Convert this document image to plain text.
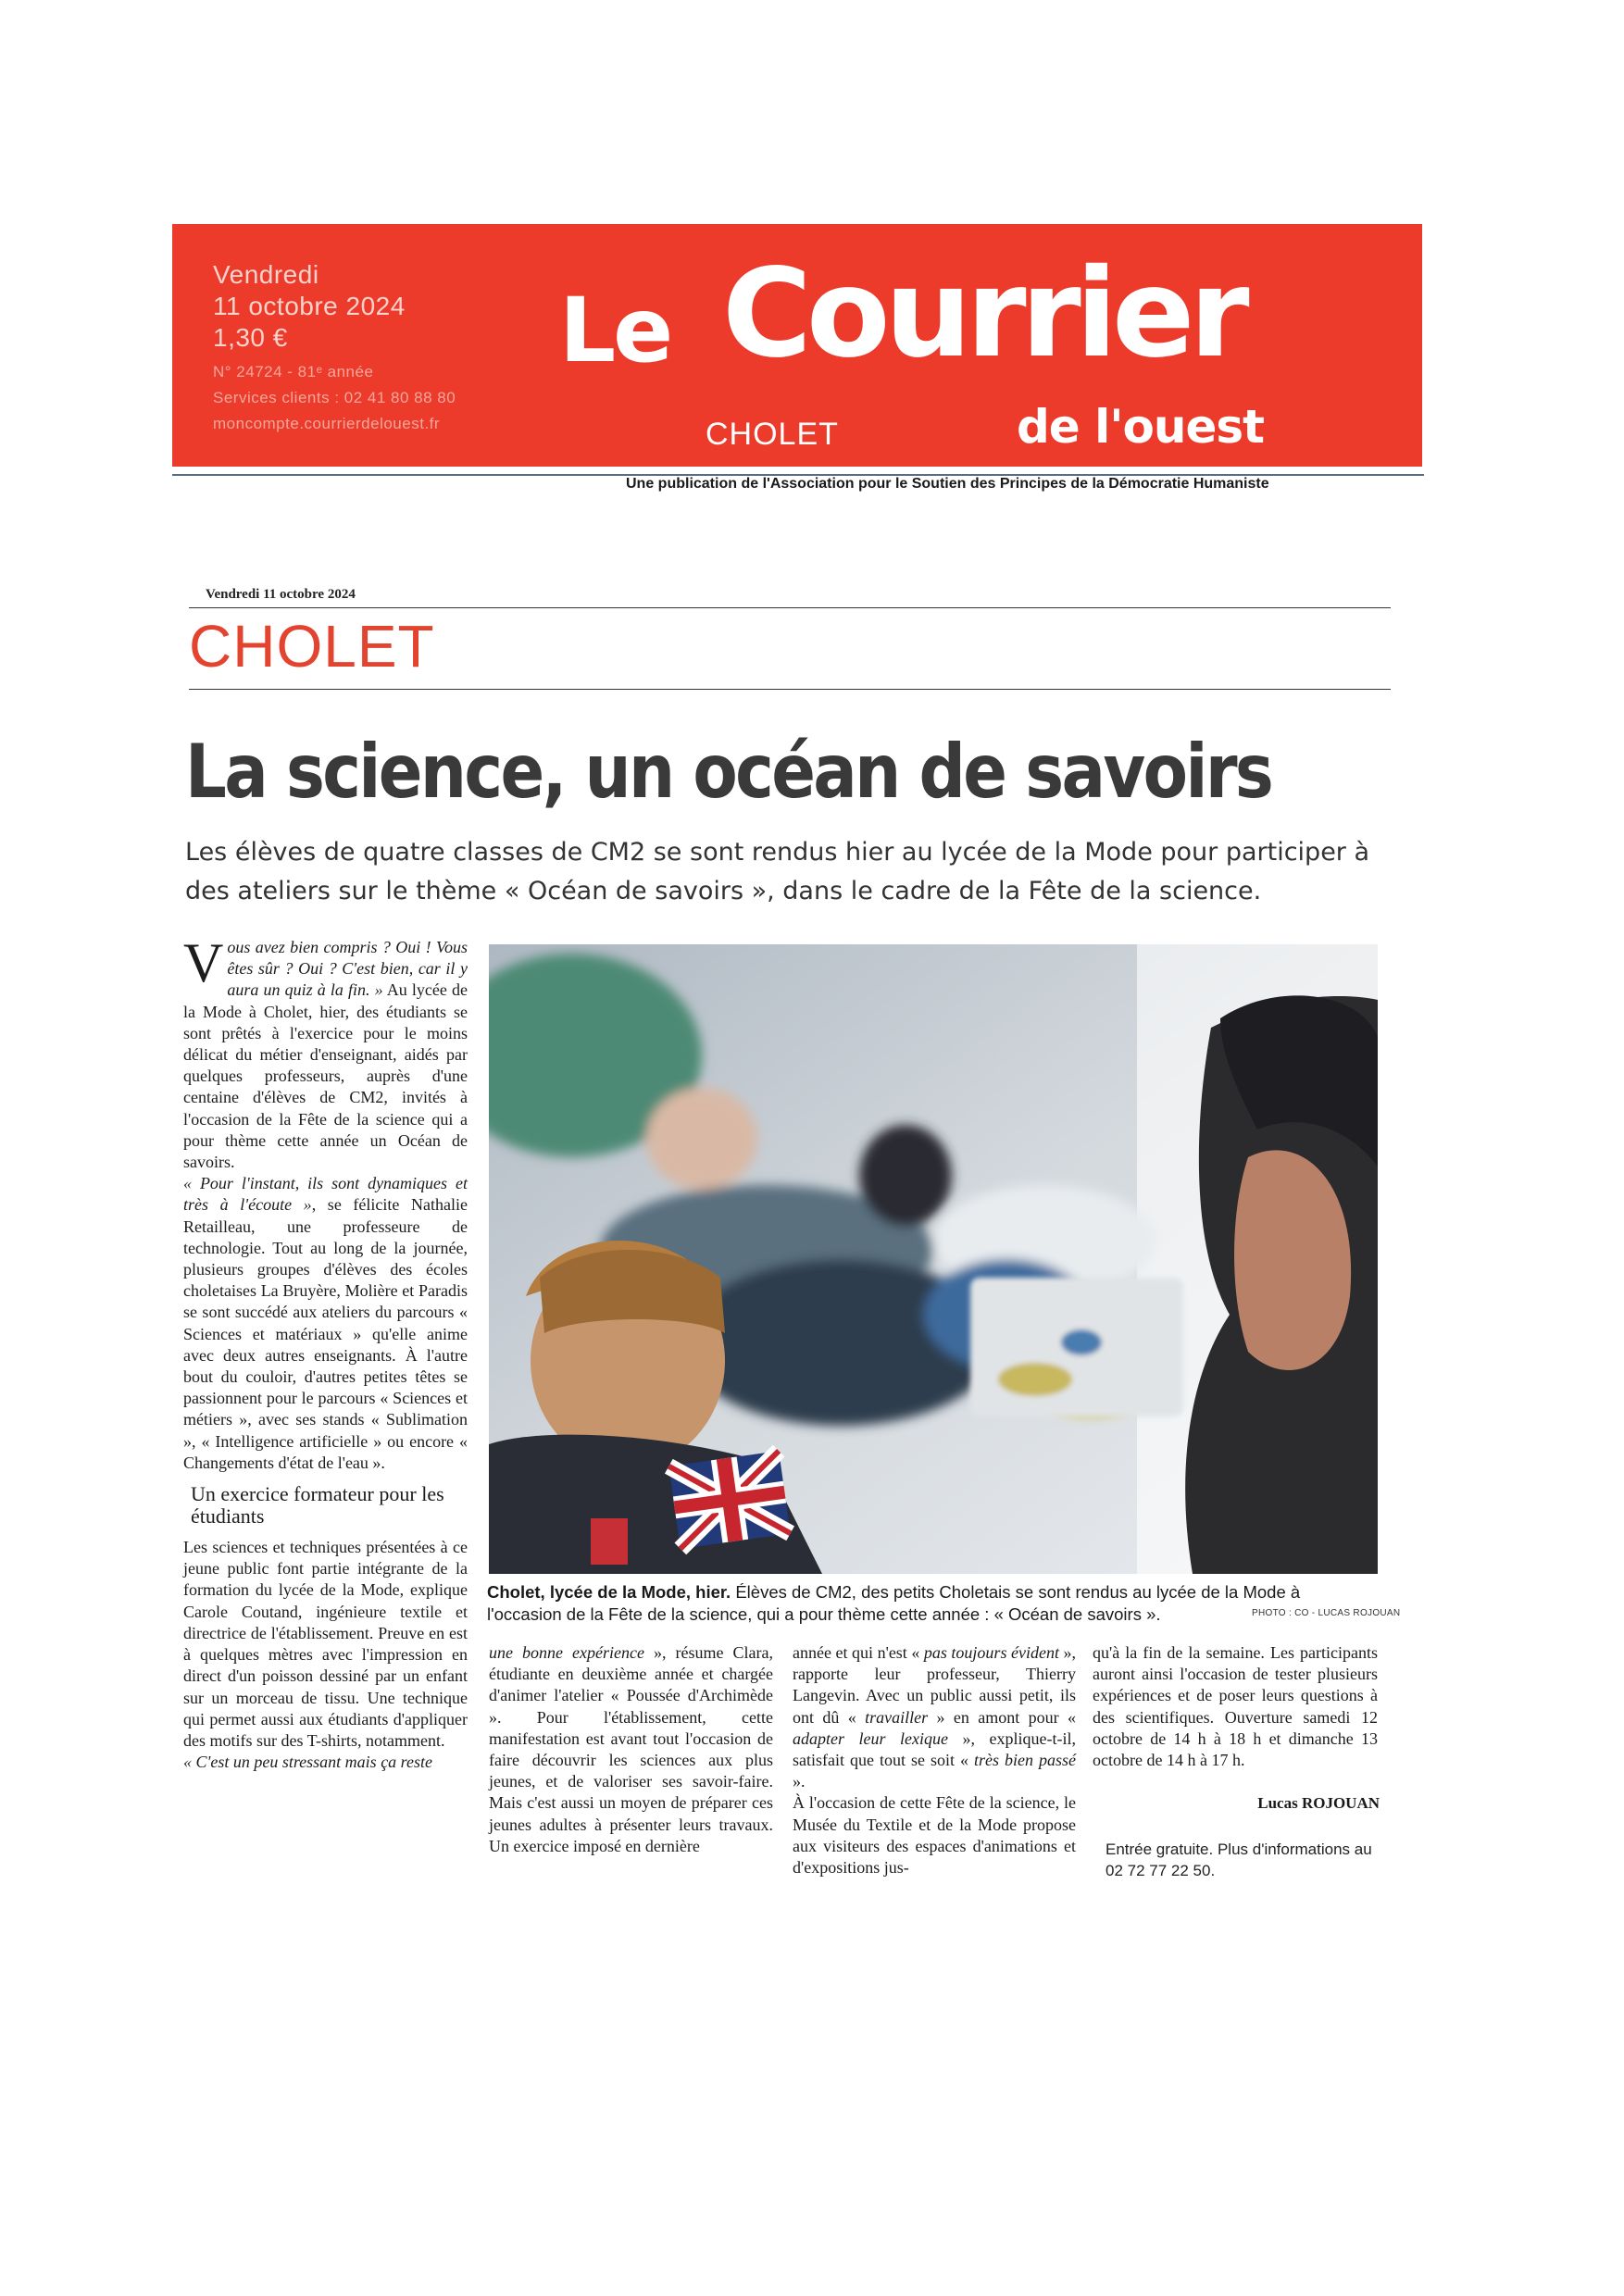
Vendredi
11 octobre 2024
1,30 €
N° 24724 - 81ᵉ année
Services clients : 02 41 80 88 80
moncompte.courrierdelouest.fr
Le Courrier
CHOLET	de l'ouest
Une publication de l'Association pour le Soutien des Principes de la Démocratie Humaniste
Vendredi 11 octobre 2024
CHOLET
La science, un océan de savoirs
Les élèves de quatre classes de CM2 se sont rendus hier au lycée de la Mode pour participer à des ateliers sur le thème « Océan de savoirs », dans le cadre de la Fête de la science.

Vous avez bien compris ? Oui ! Vous êtes sûr ? Oui ? C'est bien, car il y aura un quiz à la fin. » Au lycée de la Mode à Cholet, hier, des étudiants se sont prêtés à l'exercice pour le moins délicat du métier d'enseignant, aidés par quelques professeurs, auprès d'une centaine d'élèves de CM2, invités à l'occasion de la Fête de la science qui a pour thème cette année un Océan de savoirs.

« Pour l'instant, ils sont dynamiques et très à l'écoute », se félicite Nathalie Retailleau, une professeure de technologie. Tout au long de la journée, plusieurs groupes d'élèves des écoles choletaises La Bruyère, Molière et Paradis se sont succédé aux ateliers du parcours « Sciences et matériaux » qu'elle anime avec deux autres enseignants. À l'autre bout du couloir, d'autres petites têtes se passionnent pour le parcours « Sciences et métiers », avec ses stands « Sublimation », « Intelligence artificielle » ou encore « Changements d'état de l'eau ».

Un exercice formateur pour les étudiants

Les sciences et techniques présentées à ce jeune public font partie intégrante de la formation du lycée de la Mode, explique Carole Coutand, ingénieure textile et directrice de l'établissement. Preuve en est à quelques mètres avec l'impression en direct d'un poisson dessiné par un enfant sur un morceau de tissu. Une technique qui permet aussi aux étudiants d'appliquer des motifs sur des T-shirts, notamment.

« C'est un peu stressant mais ça reste

Cholet, lycée de la Mode, hier. Élèves de CM2, des petits Choletais se sont rendus au lycée de la Mode à l'occasion de la Fête de la science, qui a pour thème cette année : « Océan de savoirs ».	PHOTO : CO - LUCAS ROJOUAN

une bonne expérience », résume Clara, étudiante en deuxième année et chargée d'animer l'atelier « Poussée d'Archimède ». Pour l'établissement, cette manifestation est avant tout l'occasion de faire découvrir les sciences aux plus jeunes, et de valoriser ses savoir-faire. Mais c'est aussi un moyen de préparer ces jeunes adultes à présenter leurs travaux. Un exercice imposé en dernière

année et qui n'est « pas toujours évident », rapporte leur professeur, Thierry Langevin. Avec un public aussi petit, ils ont dû « travailler » en amont pour « adapter leur lexique », explique-t-il, satisfait que tout se soit « très bien passé ».

À l'occasion de cette Fête de la science, le Musée du Textile et de la Mode propose aux visiteurs des espaces d'animations et d'expositions jus-

qu'à la fin de la semaine. Les participants auront ainsi l'occasion de tester plusieurs expériences et de poser leurs questions à des scientifiques. Ouverture samedi 12 octobre de 14 h à 18 h et dimanche 13 octobre de 14 h à 17 h.

Lucas ROJOUAN
Entrée gratuite. Plus d'informations au 02 72 77 22 50.
